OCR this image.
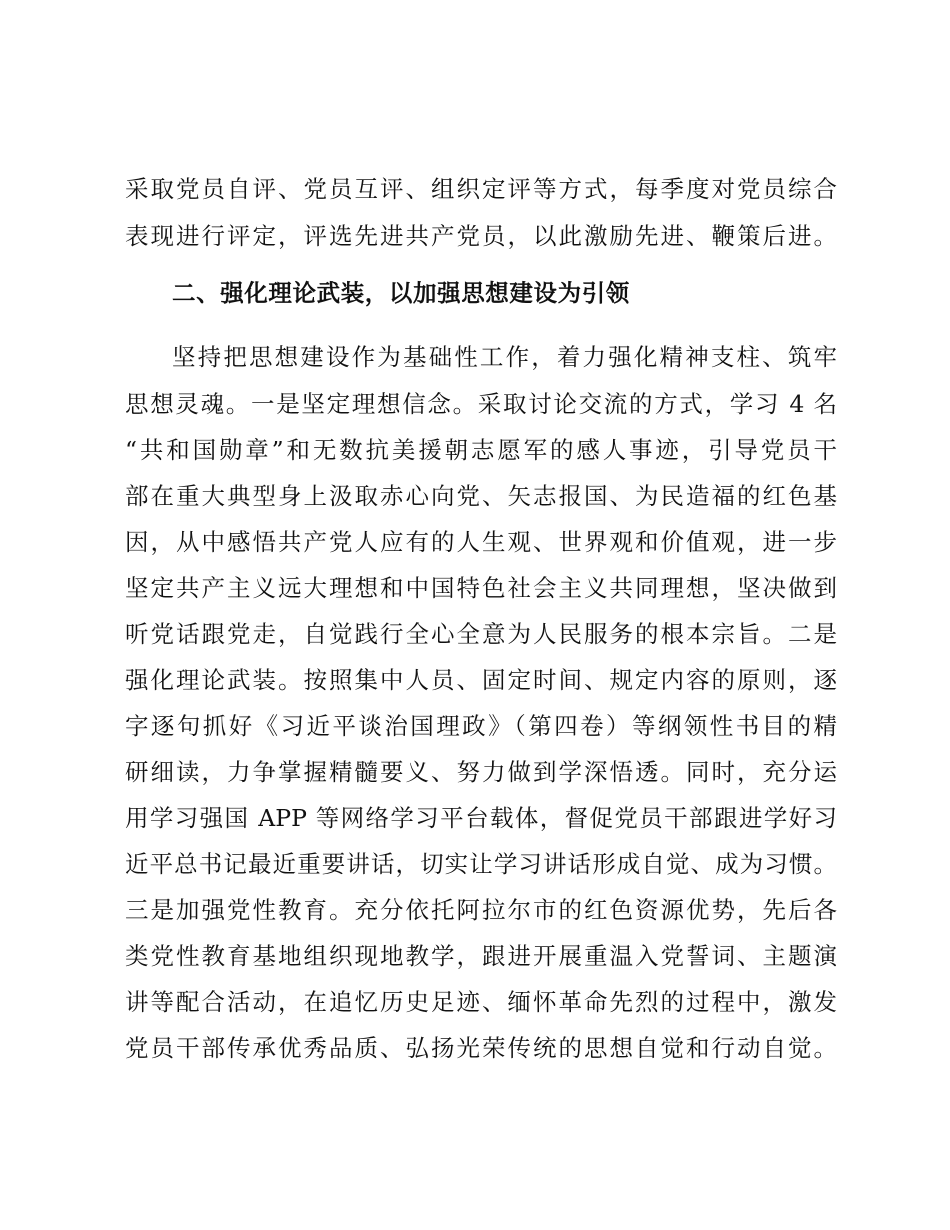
采取党员自评、党员互评、组织定评等方式，每季度对党员综合
表现进行评定，评选先进共产党员，以此激励先进、鞭策后进。
二、强化理论武装，以加强思想建设为引领
坚持把思想建设作为基础性工作，着力强化精神支柱、筑牢
思想灵魂。一是坚定理想信念。采取讨论交流的方式，学习 4 名
“共和国勋章”和无数抗美援朝志愿军的感人事迹，引导党员干
部在重大典型身上汲取赤心向党、矢志报国、为民造福的红色基
因，从中感悟共产党人应有的人生观、世界观和价值观，进一步
坚定共产主义远大理想和中国特色社会主义共同理想，坚决做到
听党话跟党走，自觉践行全心全意为人民服务的根本宗旨。二是
强化理论武装。按照集中人员、固定时间、规定内容的原则，逐
字逐句抓好《习近平谈治国理政》（第四卷）等纲领性书目的精
研细读，力争掌握精髓要义、努力做到学深悟透。同时，充分运
用学习强国 APP 等网络学习平台载体，督促党员干部跟进学好习
近平总书记最近重要讲话，切实让学习讲话形成自觉、成为习惯。
三是加强党性教育。充分依托阿拉尔市的红色资源优势，先后各
类党性教育基地组织现地教学，跟进开展重温入党誓词、主题演
讲等配合活动，在追忆历史足迹、缅怀革命先烈的过程中，激发
党员干部传承优秀品质、弘扬光荣传统的思想自觉和行动自觉。
